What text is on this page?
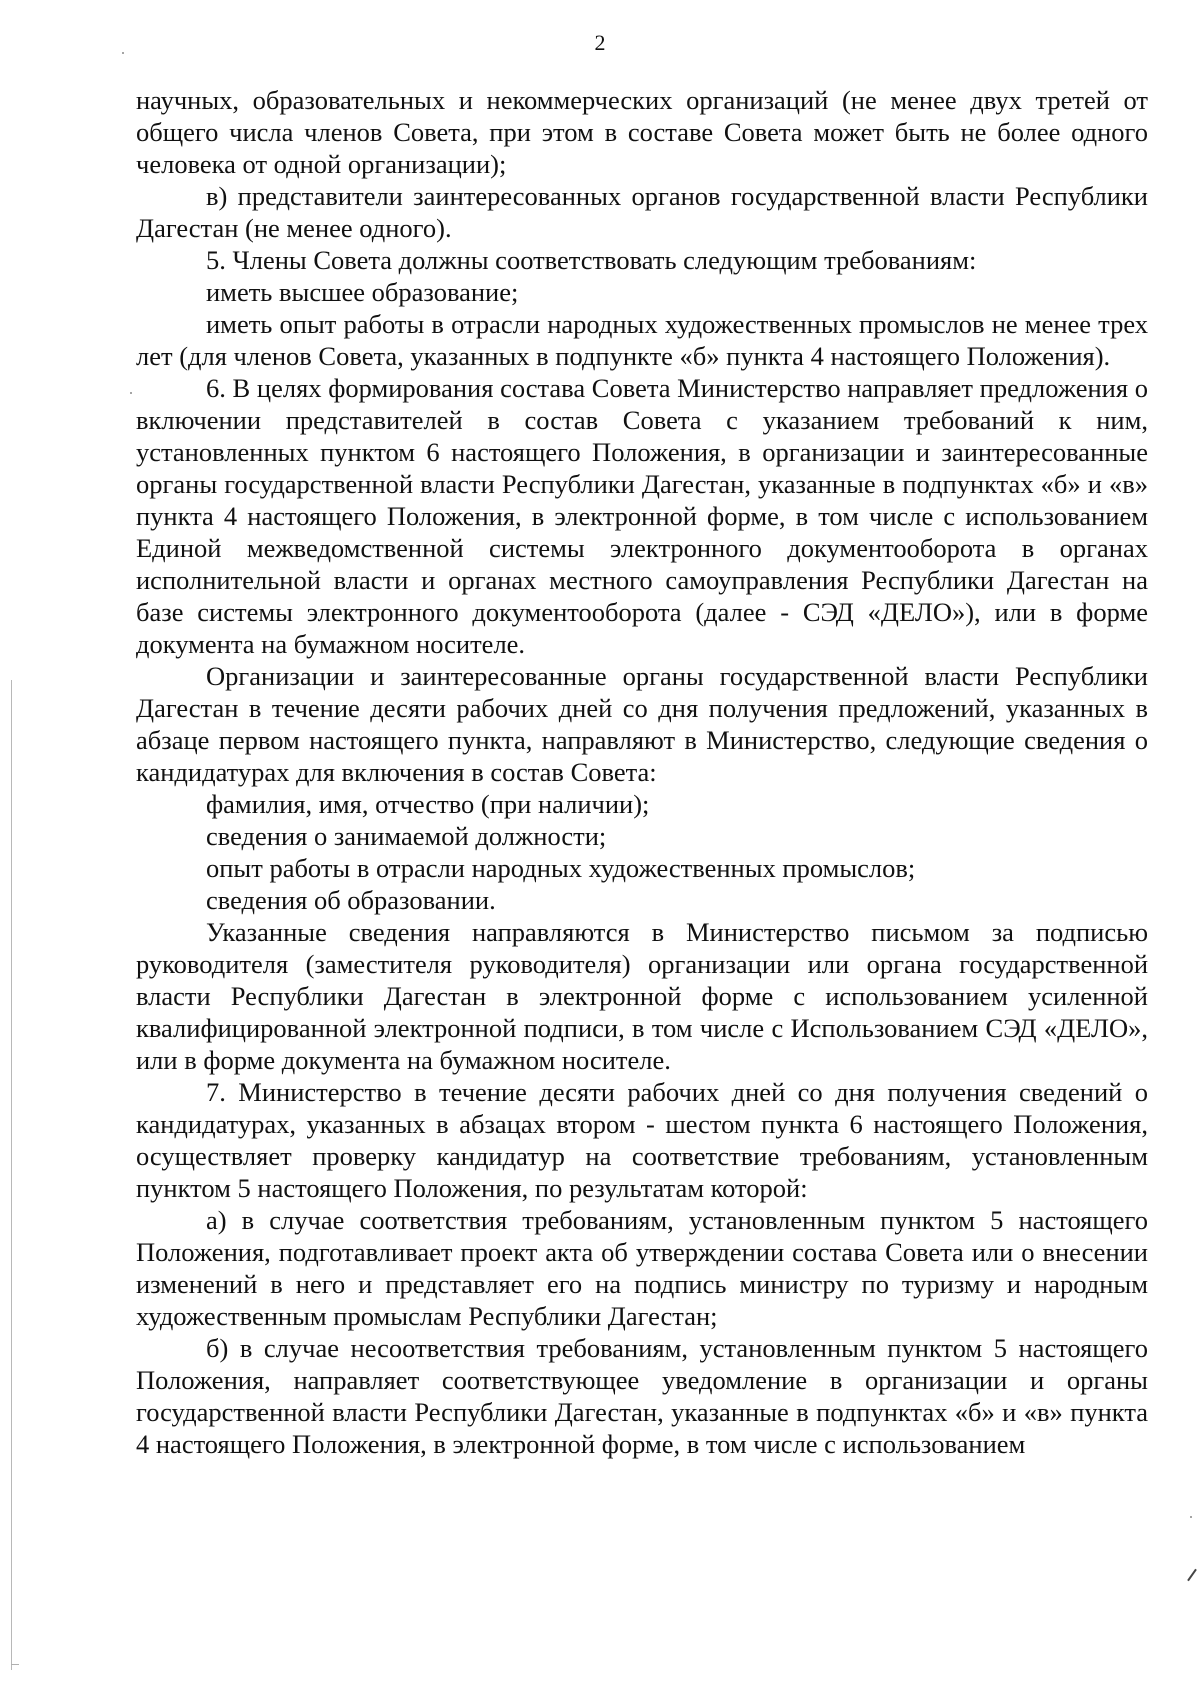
2

научных, образовательных и некоммерческих организаций (не менее двух третей от общего числа членов Совета, при этом в составе Совета может быть не более одного человека от одной организации);

в) представители заинтересованных органов государственной власти Республики Дагестан (не менее одного).

5. Члены Совета должны соответствовать следующим требованиям:

иметь высшее образование;

иметь опыт работы в отрасли народных художественных промыслов не менее трех лет (для членов Совета, указанных в подпункте «б» пункта 4 настоящего Положения).

6. В целях формирования состава Совета Министерство направляет предложения о включении представителей в состав Совета с указанием требований к ним, установленных пунктом 6 настоящего Положения, в организации и заинтересованные органы государственной власти Республики Дагестан, указанные в подпунктах «б» и «в» пункта 4 настоящего Положения, в электронной форме, в том числе с использованием Единой межведомственной системы электронного документооборота в органах исполнительной власти и органах местного самоуправления Республики Дагестан на базе системы электронного документооборота (далее - СЭД «ДЕЛО»), или в форме документа на бумажном носителе.

Организации и заинтересованные органы государственной власти Республики Дагестан в течение десяти рабочих дней со дня получения предложений, указанных в абзаце первом настоящего пункта, направляют в Министерство, следующие сведения о кандидатурах для включения в состав Совета:

фамилия, имя, отчество (при наличии);

сведения о занимаемой должности;

опыт работы в отрасли народных художественных промыслов;

сведения об образовании.

Указанные сведения направляются в Министерство письмом за подписью руководителя (заместителя руководителя) организации или органа государственной власти Республики Дагестан в электронной форме с использованием усиленной квалифицированной электронной подписи, в том числе с Использованием СЭД «ДЕЛО», или в форме документа на бумажном носителе.

7. Министерство в течение десяти рабочих дней со дня получения сведений о кандидатурах, указанных в абзацах втором - шестом пункта 6 настоящего Положения, осуществляет проверку кандидатур на соответствие требованиям, установленным пунктом 5 настоящего Положения, по результатам которой:

а) в случае соответствия требованиям, установленным пунктом 5 настоящего Положения, подготавливает проект акта об утверждении состава Совета или о внесении изменений в него и представляет его на подпись министру по туризму и народным художественным промыслам Республики Дагестан;

б) в случае несоответствия требованиям, установленным пунктом 5 настоящего Положения, направляет соответствующее уведомление в организации и органы государственной власти Республики Дагестан, указанные в подпунктах «б» и «в» пункта 4 настоящего Положения, в электронной форме, в том числе с использованием
